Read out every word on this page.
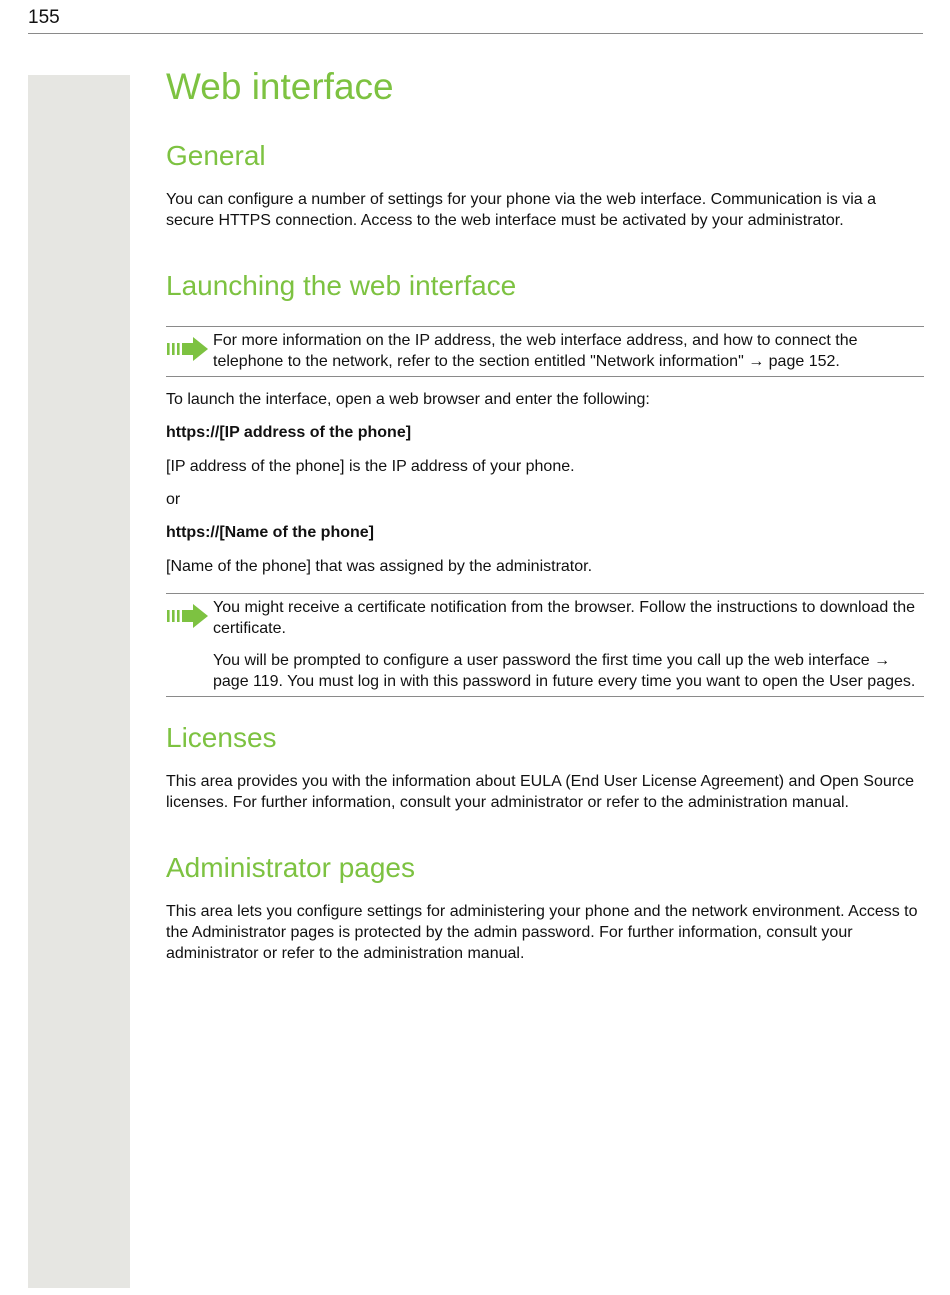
155
Web interface
General

You can configure a number of settings for your phone via the web interface. Communication is via a secure HTTPS connection. Access to the web interface must be activated by your administrator.

Launching the web interface

For more information on the IP address, the web interface address, and how to connect the telephone to the network, refer to the section entitled "Network information" → page 152.

To launch the interface, open a web browser and enter the following:

https://[IP address of the phone]

[IP address of the phone] is the IP address of your phone.

or

https://[Name of the phone]

[Name of the phone] that was assigned by the administrator.

You might receive a certificate notification from the browser. Follow the instructions to download the certificate.

You will be prompted to configure a user password the first time you call up the web interface → page 119. You must log in with this password in future every time you want to open the User pages.

Licenses

This area provides you with the information about EULA (End User License Agreement) and Open Source licenses. For further information, consult your administrator or refer to the administration manual.

Administrator pages

This area lets you configure settings for administering your phone and the network environment. Access to the Administrator pages is protected by the admin password. For further information, consult your administrator or refer to the administration manual.
